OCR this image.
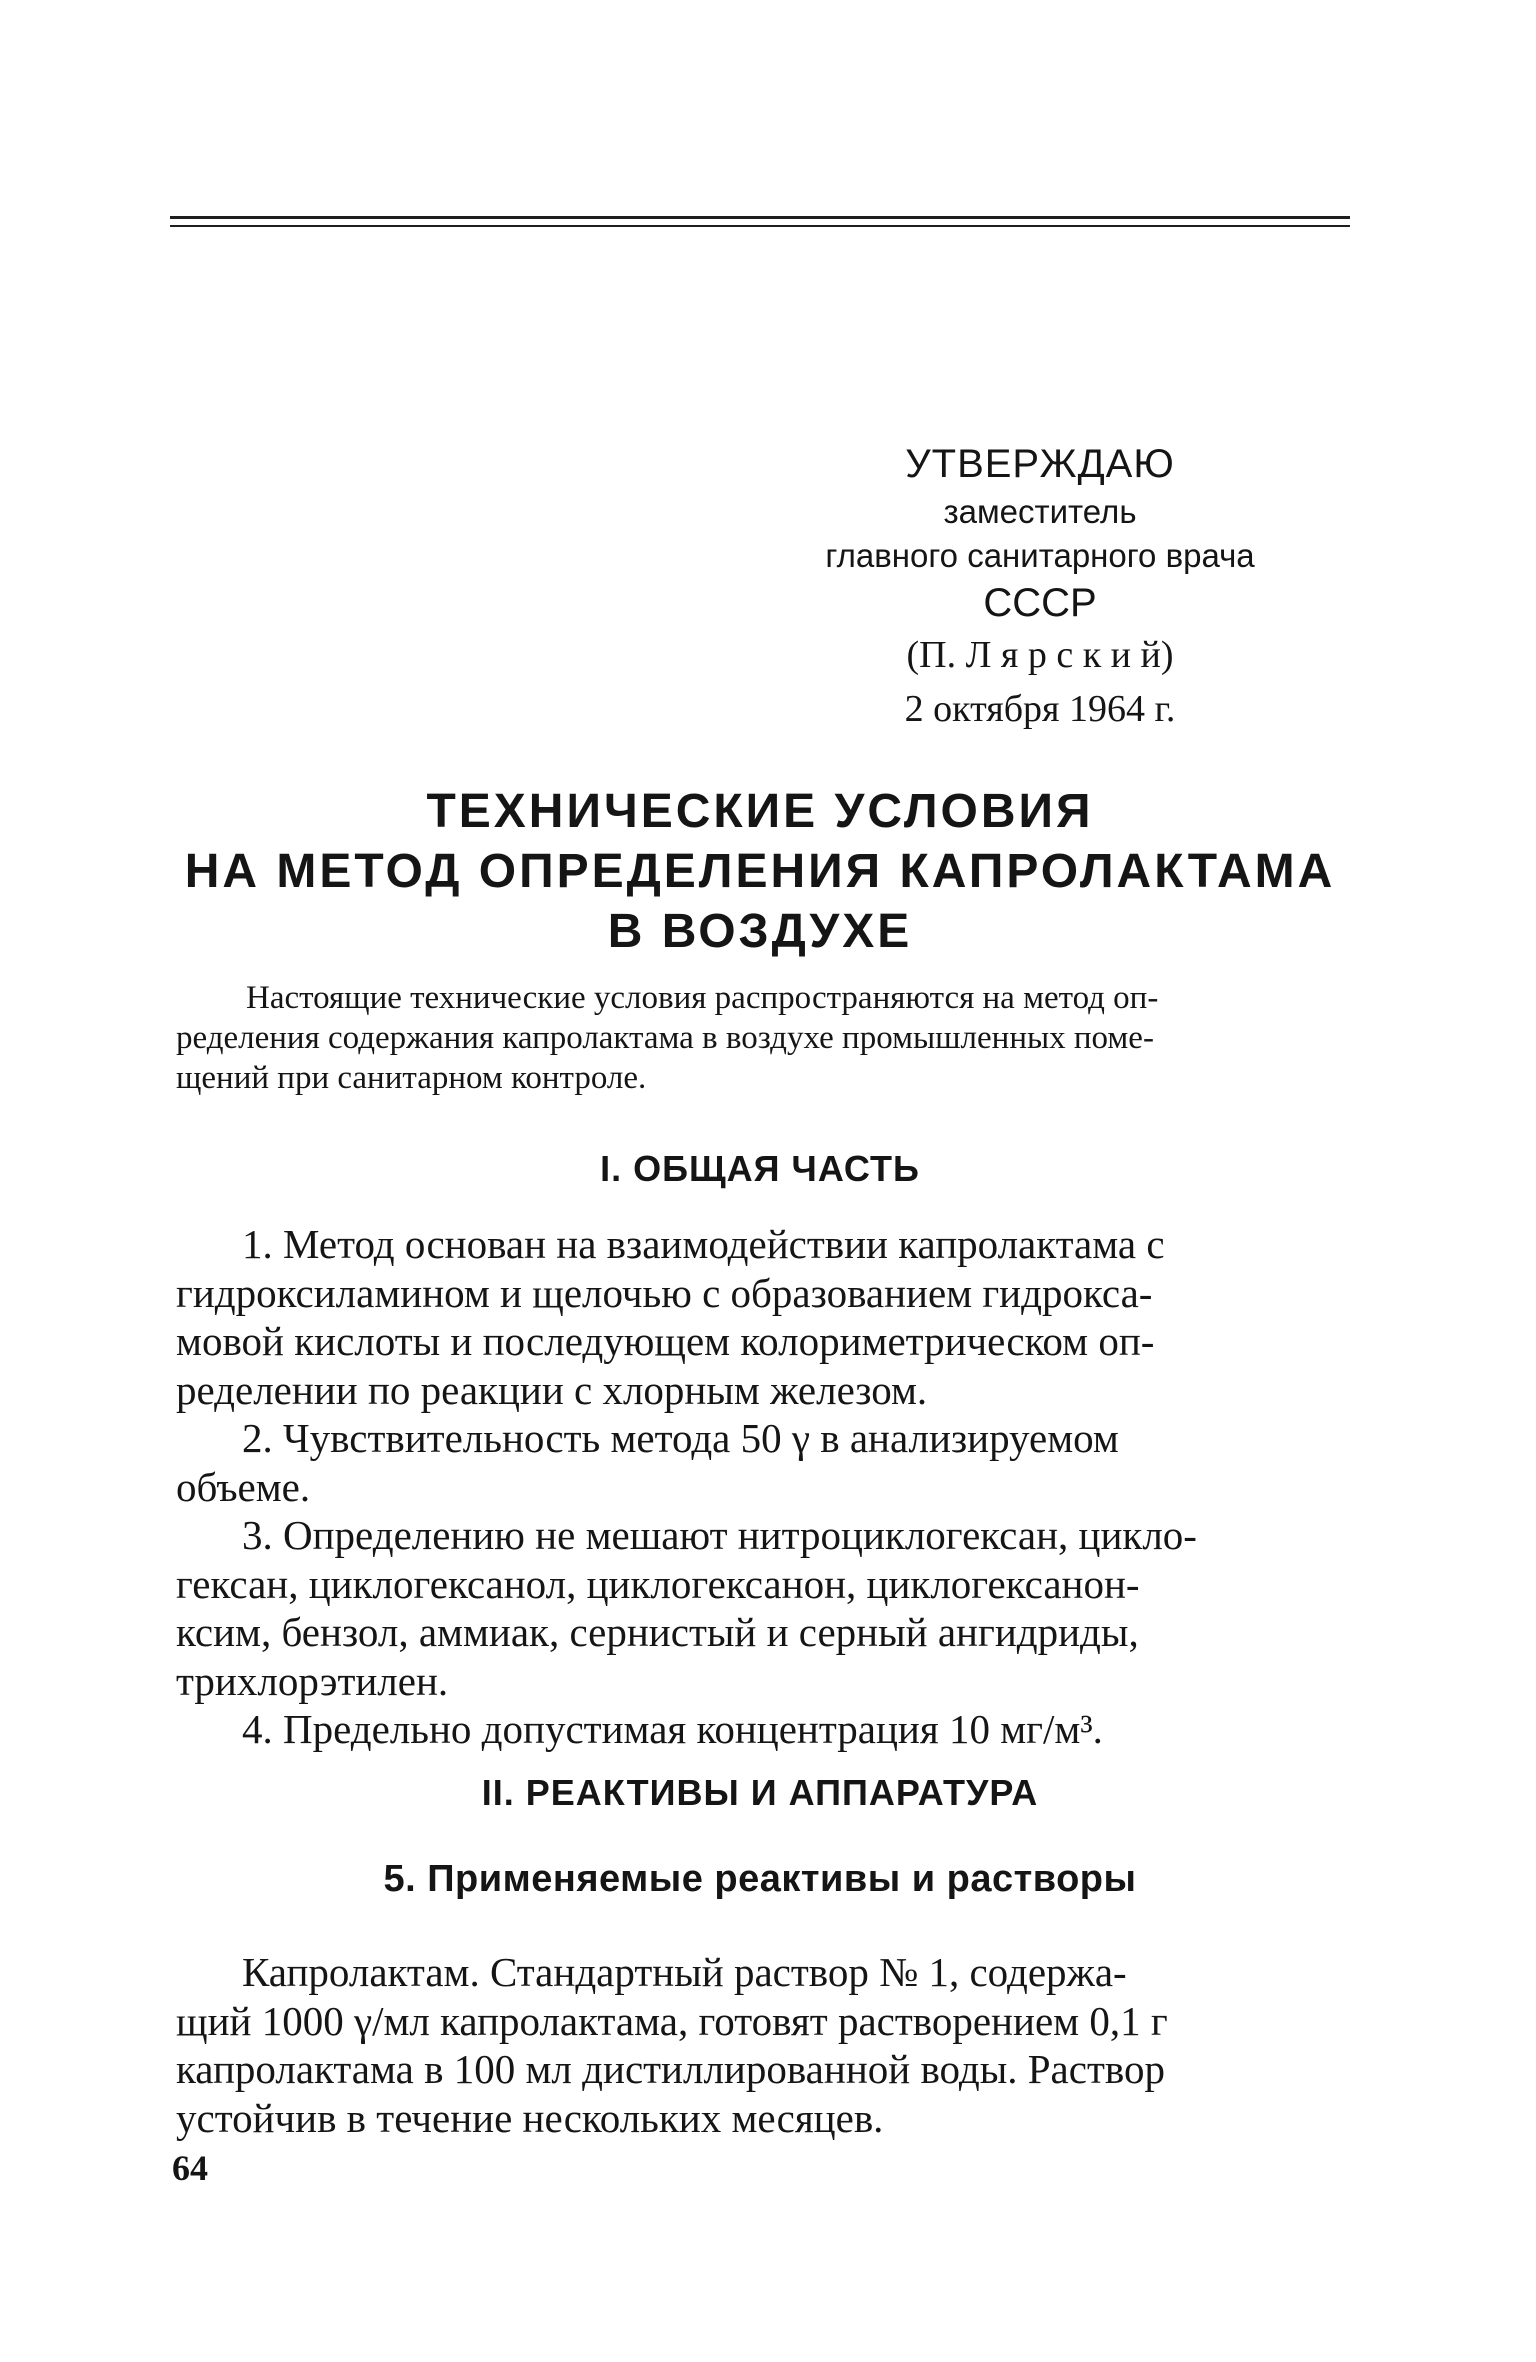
УТВЕРЖДАЮ
заместитель
главного санитарного врача
СССР
(П. Л я р с к и й)
2 октября 1964 г.
ТЕХНИЧЕСКИЕ УСЛОВИЯ
НА МЕТОД ОПРЕДЕЛЕНИЯ КАПРОЛАКТАМА
В ВОЗДУХЕ
Настоящие технические условия распространяются на метод оп-
ределения содержания капролактама в воздухе промышленных поме-
щений при санитарном контроле.
I. ОБЩАЯ ЧАСТЬ
1. Метод основан на взаимодействии капролактама с
гидроксиламином и щелочью с образованием гидрокса-
мовой кислоты и последующем колориметрическом оп-
ределении по реакции с хлорным железом.
2. Чувствительность метода 50 γ в анализируемом
объеме.
3. Определению не мешают нитроциклогексан, цикло-
гексан, циклогексанол, циклогексанон, циклогексанон-
ксим, бензол, аммиак, сернистый и серный ангидриды,
трихлорэтилен.
4. Предельно допустимая концентрация 10 мг/м³.
II. РЕАКТИВЫ И АППАРАТУРА
5. Применяемые реактивы и растворы
Капролактам. Стандартный раствор № 1, содержа-
щий 1000 γ/мл капролактама, готовят растворением 0,1 г
капролактама в 100 мл дистиллированной воды. Раствор
устойчив в течение нескольких месяцев.
64
